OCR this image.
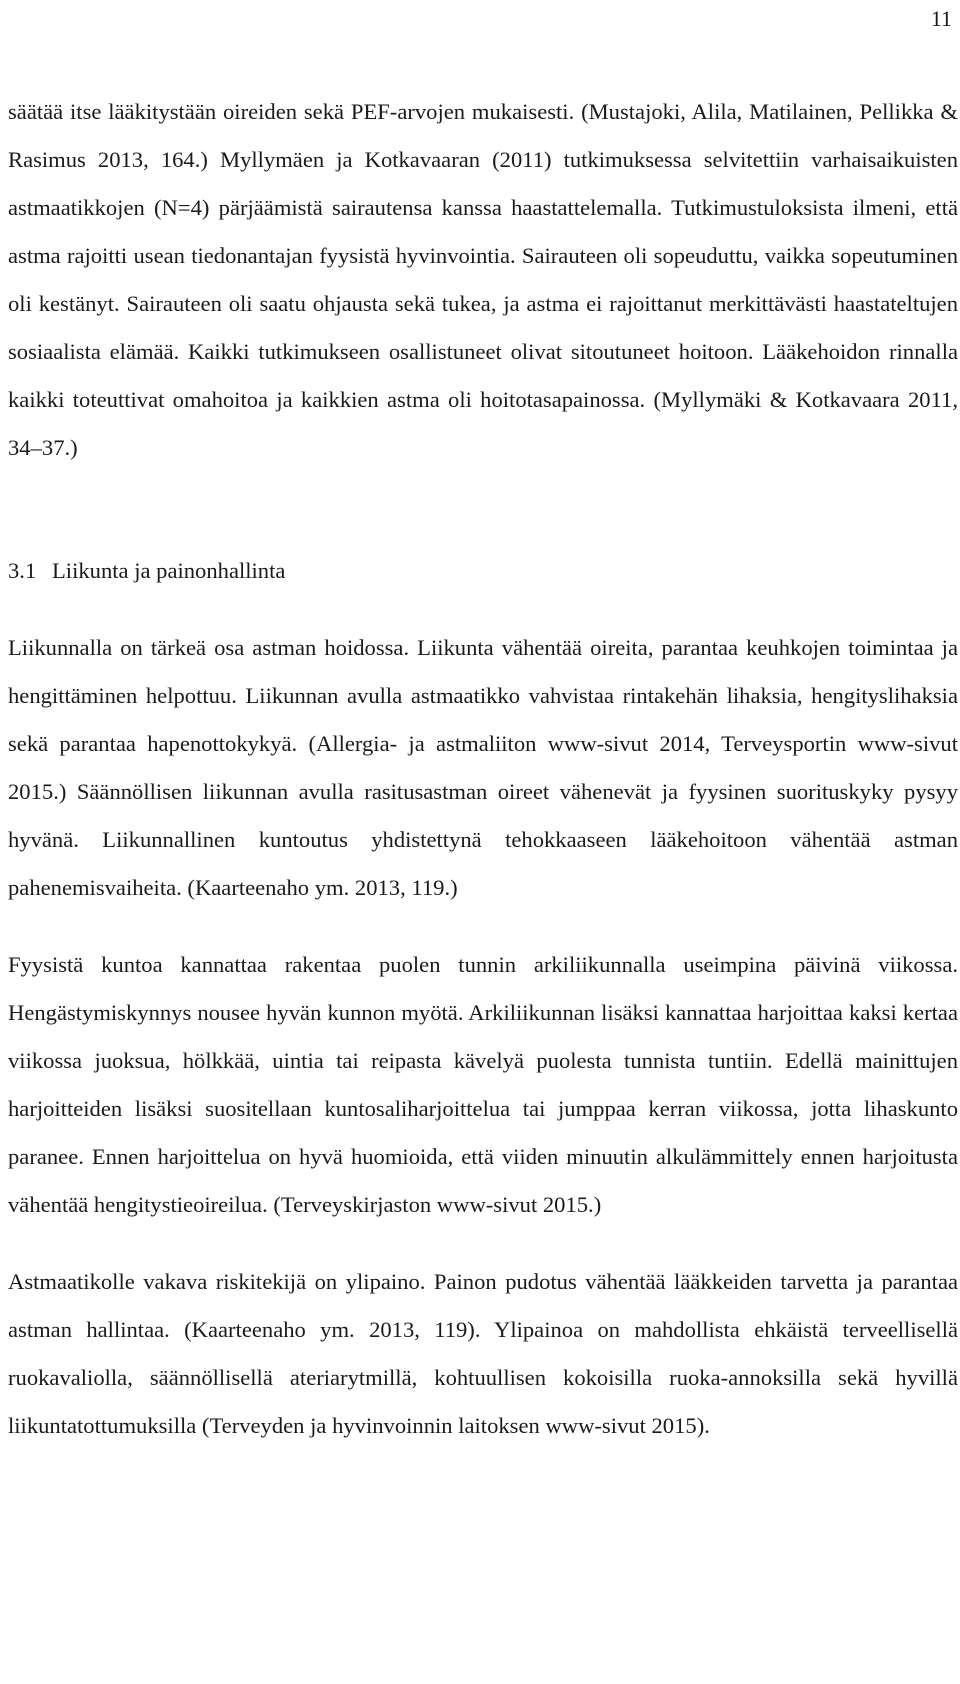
11

säätää itse lääkitystään oireiden sekä PEF-arvojen mukaisesti. (Mustajoki, Alila, Matilainen, Pellikka & Rasimus 2013, 164.) Myllymäen ja Kotkavaaran (2011) tutkimuksessa selvitettiin varhaisaikuisten astmaatikkojen (N=4) pärjäämistä sairautensa kanssa haastattelemalla. Tutkimustuloksista ilmeni, että astma rajoitti usean tiedonantajan fyysistä hyvinvointia. Sairauteen oli sopeuduttu, vaikka sopeutuminen oli kestänyt. Sairauteen oli saatu ohjausta sekä tukea, ja astma ei rajoittanut merkittävästi haastateltujen sosiaalista elämää. Kaikki tutkimukseen osallistuneet olivat sitoutuneet hoitoon. Lääkehoidon rinnalla kaikki toteuttivat omahoitoa ja kaikkien astma oli hoitotasapainossa. (Myllymäki & Kotkavaara 2011, 34–37.)

3.1 Liikunta ja painonhallinta

Liikunnalla on tärkeä osa astman hoidossa. Liikunta vähentää oireita, parantaa keuhkojen toimintaa ja hengittäminen helpottuu. Liikunnan avulla astmaatikko vahvistaa rintakehän lihaksia, hengityslihaksia sekä parantaa hapenottokykyä. (Allergia- ja astmaliiton www-sivut 2014, Terveysportin www-sivut 2015.) Säännöllisen liikunnan avulla rasitusastman oireet vähenevät ja fyysinen suorituskyky pysyy hyvänä. Liikunnallinen kuntoutus yhdistettynä tehokkaaseen lääkehoitoon vähentää astman pahenemisvaiheita. (Kaarteenaho ym. 2013, 119.)

Fyysistä kuntoa kannattaa rakentaa puolen tunnin arkiliikunnalla useimpina päivinä viikossa. Hengästymiskynnys nousee hyvän kunnon myötä. Arkiliikunnan lisäksi kannattaa harjoittaa kaksi kertaa viikossa juoksua, hölkkää, uintia tai reipasta kävelyä puolesta tunnista tuntiin. Edellä mainittujen harjoitteiden lisäksi suositellaan kuntosaliharjoittelua tai jumppaa kerran viikossa, jotta lihaskunto paranee. Ennen harjoittelua on hyvä huomioida, että viiden minuutin alkulämmittely ennen harjoitusta vähentää hengitystieoireilua. (Terveyskirjaston www-sivut 2015.)

Astmaatikolle vakava riskitekijä on ylipaino. Painon pudotus vähentää lääkkeiden tarvetta ja parantaa astman hallintaa. (Kaarteenaho ym. 2013, 119). Ylipainoa on mahdollista ehkäistä terveellisellä ruokavaliolla, säännöllisellä ateriarytmillä, kohtuullisen kokoisilla ruoka-annoksilla sekä hyvillä liikuntatottumuksilla (Terveyden ja hyvinvoinnin laitoksen www-sivut 2015).
